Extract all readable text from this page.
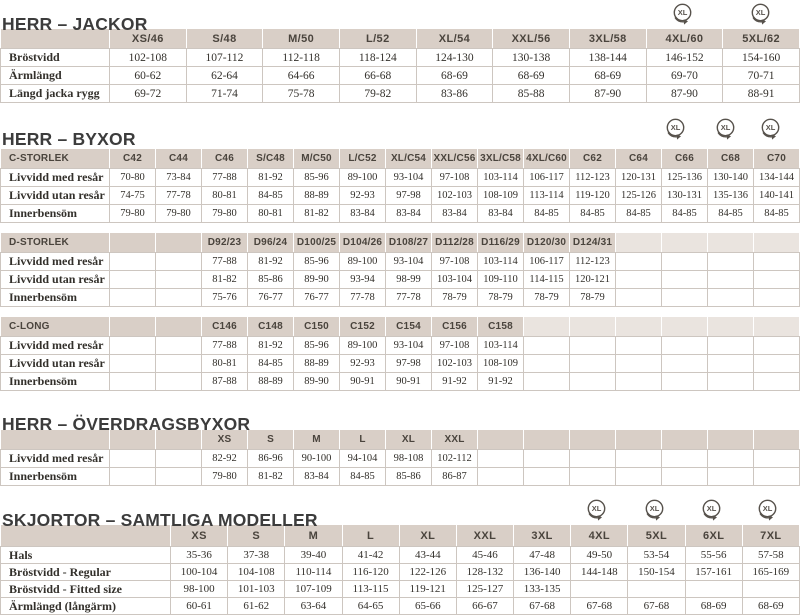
HERR – JACKOR
XL	XL
	XS/46	S/48	M/50	L/52	XL/54	XXL/56	3XL/58	4XL/60	5XL/62
Bröstvidd	102-108	107-112	112-118	118-124	124-130	130-138	138-144	146-152	154-160
Ärmlängd	60-62	62-64	64-66	66-68	68-69	68-69	68-69	69-70	70-71
Längd jacka rygg	69-72	71-74	75-78	79-82	83-86	85-88	87-90	87-90	88-91
HERR – BYXOR
XL	XL	XL
C-STORLEK	C42	C44	C46	S/C48	M/C50	L/C52	XL/C54	XXL/C56	3XL/C58	4XL/C60	C62	C64	C66	C68	C70
Livvidd med resår	70-80	73-84	77-88	81-92	85-96	89-100	93-104	97-108	103-114	106-117	112-123	120-131	125-136	130-140	134-144
Livvidd utan resår	74-75	77-78	80-81	84-85	88-89	92-93	97-98	102-103	108-109	113-114	119-120	125-126	130-131	135-136	140-141
Innerbensöm	79-80	79-80	79-80	80-81	81-82	83-84	83-84	83-84	83-84	84-85	84-85	84-85	84-85	84-85	84-85
D-STORLEK			D92/23	D96/24	D100/25	D104/26	D108/27	D112/28	D116/29	D120/30	D124/31				
Livvidd med resår			77-88	81-92	85-96	89-100	93-104	97-108	103-114	106-117	112-123				
Livvidd utan resår			81-82	85-86	89-90	93-94	98-99	103-104	109-110	114-115	120-121				
Innerbensöm			75-76	76-77	76-77	77-78	77-78	78-79	78-79	78-79	78-79				
C-LONG			C146	C148	C150	C152	C154	C156	C158						
Livvidd med resår			77-88	81-92	85-96	89-100	93-104	97-108	103-114						
Livvidd utan resår			80-81	84-85	88-89	92-93	97-98	102-103	108-109						
Innerbensöm			87-88	88-89	89-90	90-91	90-91	91-92	91-92						
HERR – ÖVERDRAGSBYXOR
			XS	S	M	L	XL	XXL							
Livvidd med resår			82-92	86-96	90-100	94-104	98-108	102-112							
Innerbensöm			79-80	81-82	83-84	84-85	85-86	86-87							
SKJORTOR – SAMTLIGA MODELLER
XL	XL	XL	XL
	XS	S	M	L	XL	XXL	3XL	4XL	5XL	6XL	7XL
Hals	35-36	37-38	39-40	41-42	43-44	45-46	47-48	49-50	53-54	55-56	57-58
Bröstvidd - Regular	100-104	104-108	110-114	116-120	122-126	128-132	136-140	144-148	150-154	157-161	165-169
Bröstvidd - Fitted size	98-100	101-103	107-109	113-115	119-121	125-127	133-135				
Ärmlängd (långärm)	60-61	61-62	63-64	64-65	65-66	66-67	67-68	67-68	67-68	68-69	68-69
